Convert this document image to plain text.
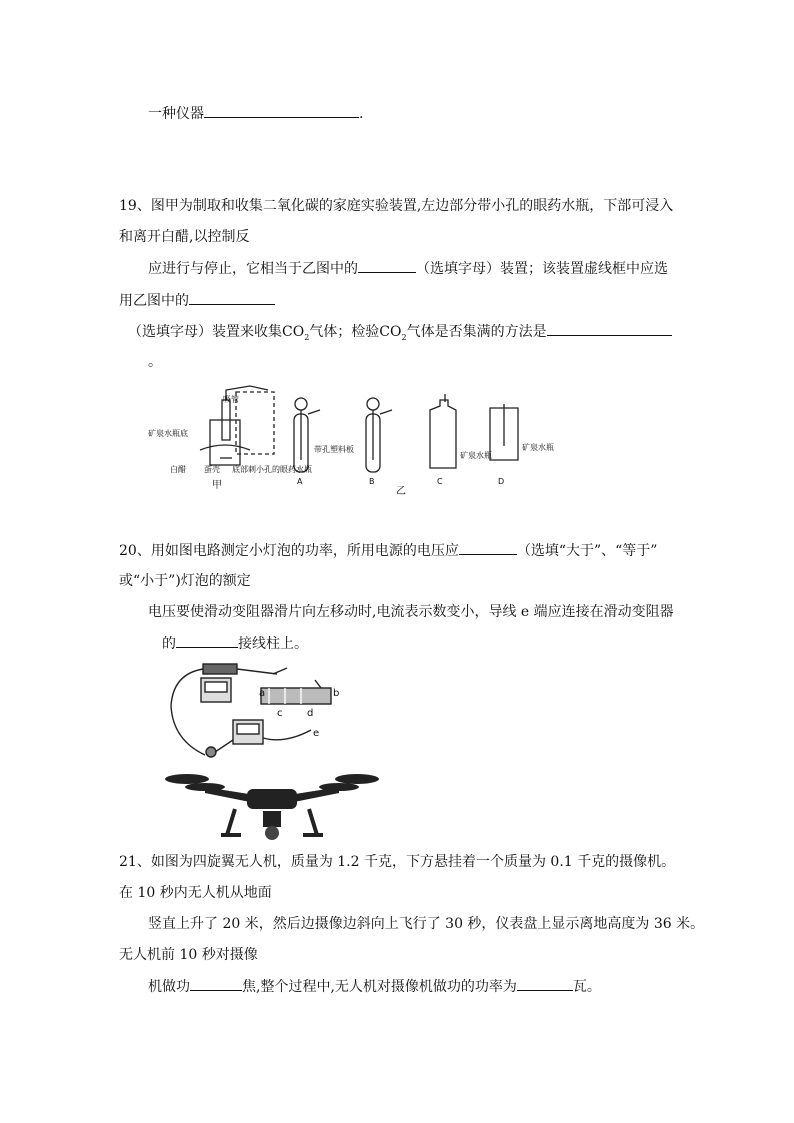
一种仪器	.
19、图甲为制取和收集二氧化碳的家庭实验装置,左边部分带小孔的眼药水瓶，下部可浸入
和离开白醋,以控制反
应进行与停止，它相当于乙图中的	（选填字母）装置；该装置虚线框中应选
用乙图中的
（选填字母）装置来收集$CO_2$气体；检验$CO_2$气体是否集满的方法是
。
吸管
矿泉水瓶底
白醋 蛋壳 底部刺小孔的眼药水瓶
甲
带孔塑料板
A	B	C	D
矿泉水瓶
矿泉水瓶
乙
20、用如图电路测定小灯泡的功率，所用电源的电压应	（选填“大于”、“等于”
或“小于”)灯泡的额定
电压要使滑动变阻器滑片向左移动时,电流表示数变小，导线 e 端应连接在滑动变阻器
的	接线柱上。
a	b
c d
e
21、如图为四旋翼无人机，质量为 1.2 千克，下方悬挂着一个质量为 0.1 千克的摄像机。
在 10 秒内无人机从地面
竖直上升了 20 米，然后边摄像边斜向上飞行了 30 秒，仪表盘上显示离地高度为 36 米。
无人机前 10 秒对摄像
机做功	焦,整个过程中,无人机对摄像机做功的功率为	瓦。
